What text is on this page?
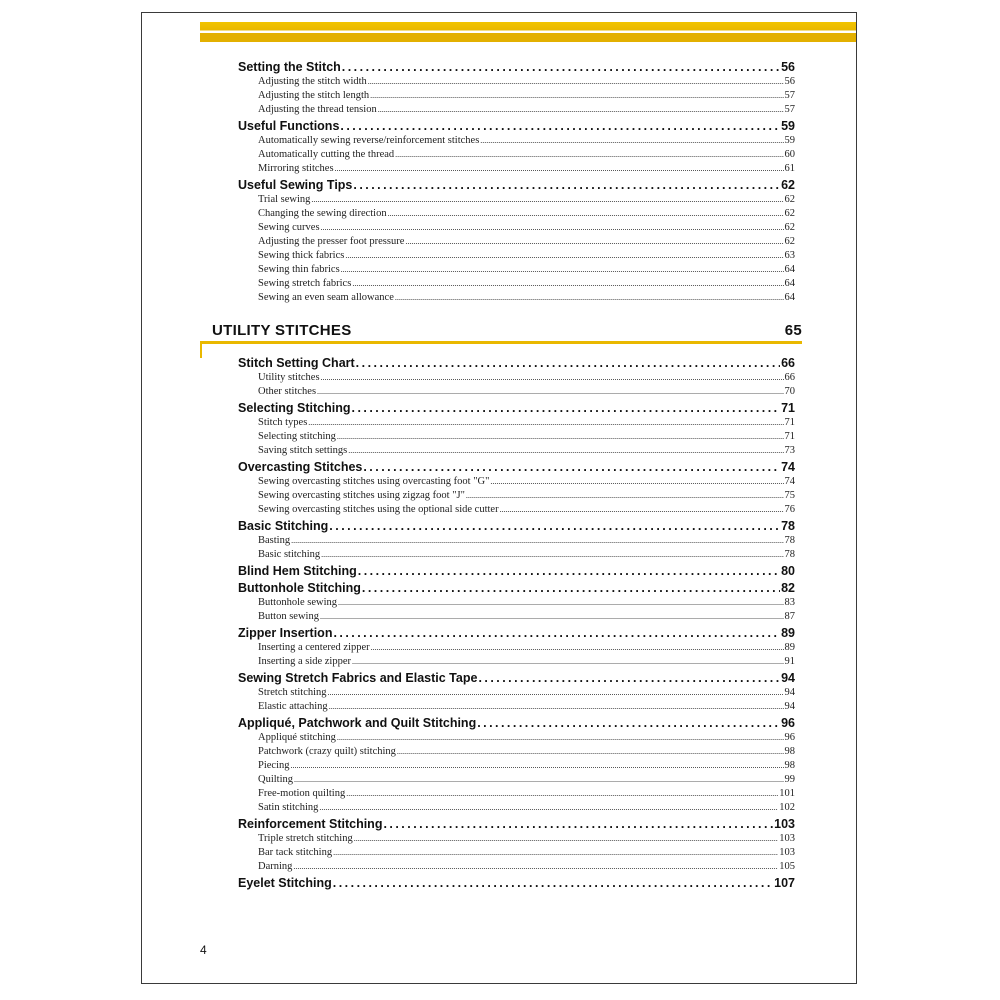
Setting the Stitch . . .	56
Adjusting the stitch width . . .	56
Adjusting the stitch length . . .	57
Adjusting the thread tension . . .	57
Useful Functions . . .	59
Automatically sewing reverse/reinforcement stitches . . .	59
Automatically cutting the thread . . .	60
Mirroring stitches . . .	61
Useful Sewing Tips . . .	62
Trial sewing . . .	62
Changing the sewing direction . . .	62
Sewing curves . . .	62
Adjusting the presser foot pressure . . .	62
Sewing thick fabrics . . .	63
Sewing thin fabrics . . .	64
Sewing stretch fabrics . . .	64
Sewing an even seam allowance . . .	64
UTILITY STITCHES	65
Stitch Setting Chart . . .	66
Utility stitches . . .	66
Other stitches . . .	70
Selecting Stitching . . .	71
Stitch types . . .	71
Selecting stitching . . .	71
Saving stitch settings . . .	73
Overcasting Stitches . . .	74
Sewing overcasting stitches using overcasting foot "G" . . .	74
Sewing overcasting stitches using zigzag foot "J" . . .	75
Sewing overcasting stitches using the optional side cutter . . .	76
Basic Stitching . . .	78
Basting . . .	78
Basic stitching . . .	78
Blind Hem Stitching . . .	80
Buttonhole Stitching . . .	82
Buttonhole sewing . . .	83
Button sewing . . .	87
Zipper Insertion . . .	89
Inserting a centered zipper . . .	89
Inserting a side zipper . . .	91
Sewing Stretch Fabrics and Elastic Tape . . .	94
Stretch stitching . . .	94
Elastic attaching . . .	94
Appliqué, Patchwork and Quilt Stitching . . .	96
Appliqué stitching . . .	96
Patchwork (crazy quilt) stitching . . .	98
Piecing . . .	98
Quilting . . .	99
Free-motion quilting . . .	101
Satin stitching . . .	102
Reinforcement Stitching . . .	103
Triple stretch stitching . . .	103
Bar tack stitching . . .	103
Darning . . .	105
Eyelet Stitching . . .	107
4
